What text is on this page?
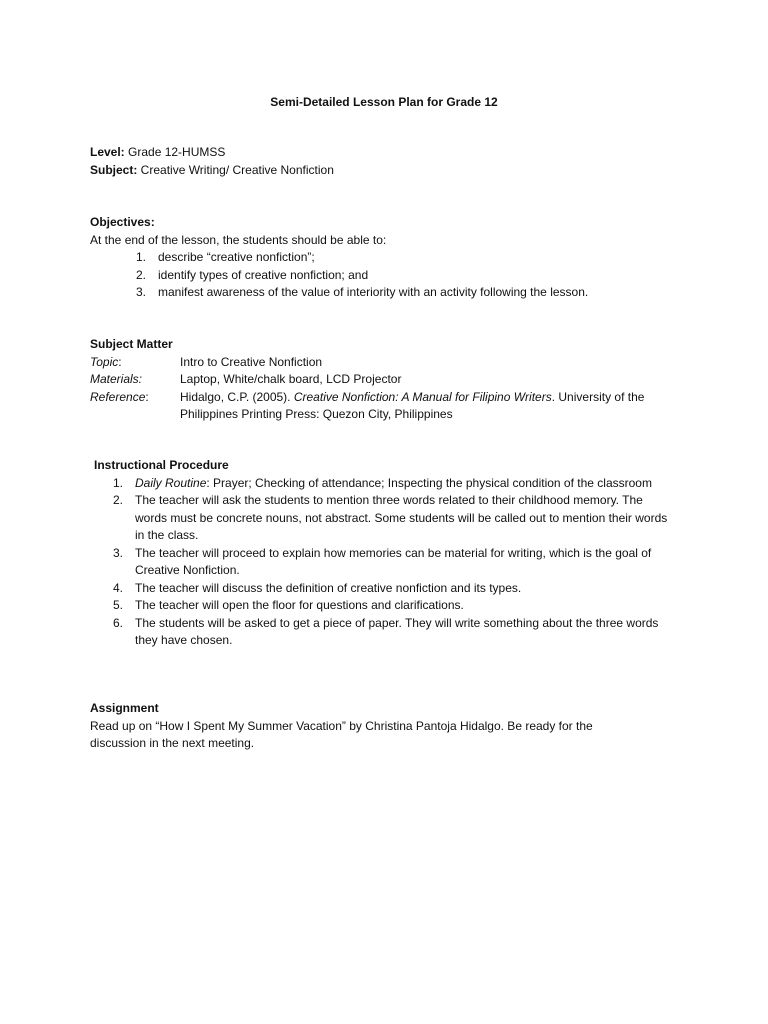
Semi-Detailed Lesson Plan for Grade 12
Level: Grade 12-HUMSS
Subject: Creative Writing/ Creative Nonfiction
Objectives:
At the end of the lesson, the students should be able to:
1. describe “creative nonfiction”;
2. identify types of creative nonfiction; and
3. manifest awareness of the value of interiority with an activity following the lesson.
Subject Matter
Topic:	Intro to Creative Nonfiction
Materials:	Laptop, White/chalk board, LCD Projector
Reference:	Hidalgo, C.P. (2005). Creative Nonfiction: A Manual for Filipino Writers. University of the Philippines Printing Press: Quezon City, Philippines
Instructional Procedure
1. Daily Routine: Prayer; Checking of attendance; Inspecting the physical condition of the classroom
2. The teacher will ask the students to mention three words related to their childhood memory. The words must be concrete nouns, not abstract. Some students will be called out to mention their words in the class.
3. The teacher will proceed to explain how memories can be material for writing, which is the goal of Creative Nonfiction.
4. The teacher will discuss the definition of creative nonfiction and its types.
5. The teacher will open the floor for questions and clarifications.
6. The students will be asked to get a piece of paper. They will write something about the three words they have chosen.
Assignment
Read up on “How I Spent My Summer Vacation” by Christina Pantoja Hidalgo. Be ready for the discussion in the next meeting.
